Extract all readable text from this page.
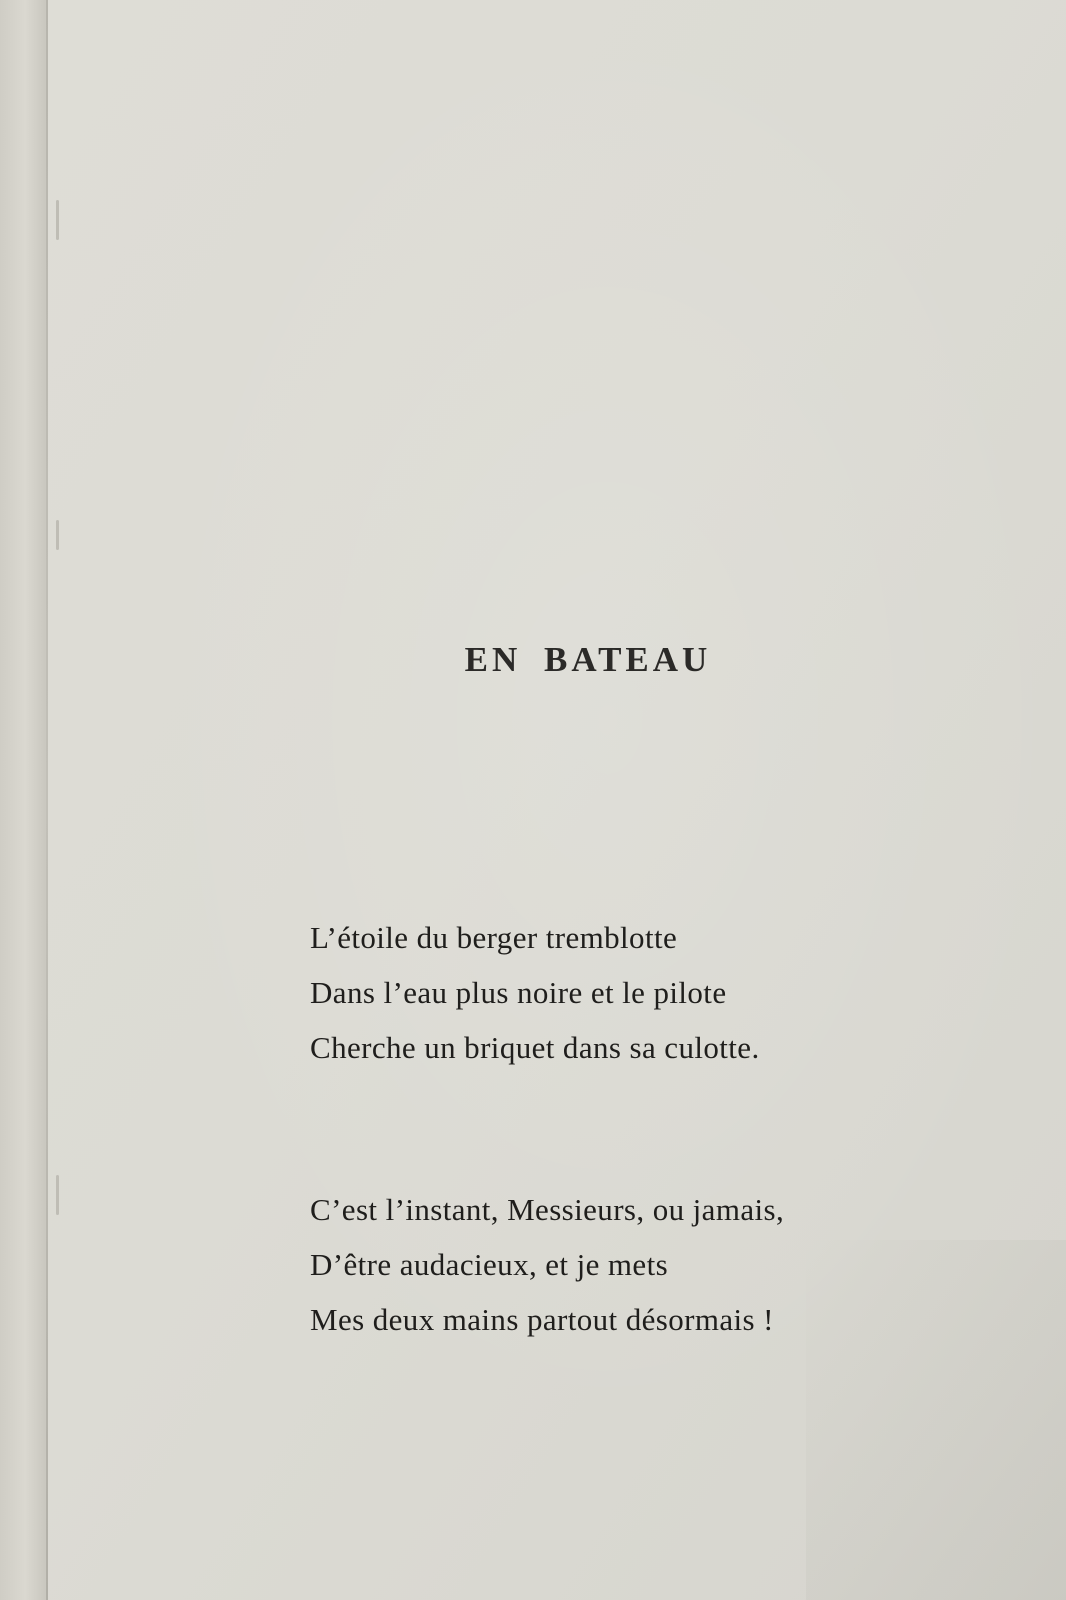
EN BATEAU
L’étoile du berger tremblotte
Dans l’eau plus noire et le pilote
Cherche un briquet dans sa culotte.
C’est l’instant, Messieurs, ou jamais,
D’être audacieux, et je mets
Mes deux mains partout désormais !
